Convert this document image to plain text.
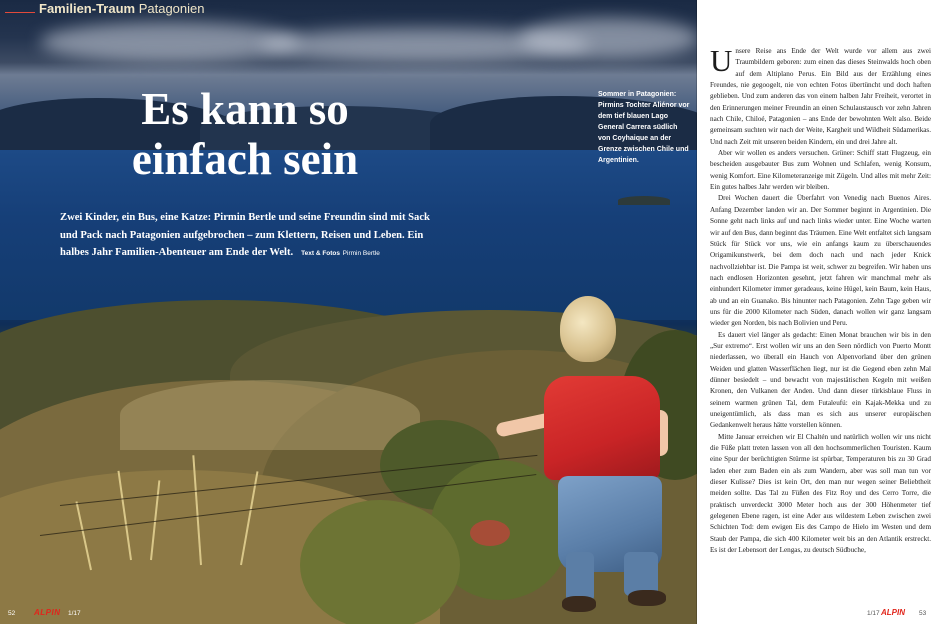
Familien-Traum Patagonien
Es kann so
einfach sein
Zwei Kinder, ein Bus, eine Katze: Pirmin Bertle und seine Freundin sind mit Sack und Pack nach Patagonien aufgebrochen – zum Klettern, Reisen und Leben. Ein halbes Jahr Familien-Abenteuer am Ende der Welt. Text & Fotos Pirmin Bertle
Sommer in Patagonien: Pirmins Tochter Aliénor vor dem tief blauen Lago General Carrera südlich von Coyhaique an der Grenze zwischen Chile und Argentinien.
52 ALPIN 1/17

Unsere Reise ans Ende der Welt wurde vor allem aus zwei Traumbildern geboren: zum einen das dieses Steinwalds hoch oben auf dem Altiplano Perus. Ein Bild aus der Erzählung eines Freundes, nie gegoogelt, nie von echten Fotos übertüncht und doch haften geblieben. Und zum anderen das von einem halben Jahr Freiheit, verortet in den Erinnerungen meiner Freundin an einen Schulaustausch vor zehn Jahren nach Chile, Chiloé, Patagonien – ans Ende der bewohnten Welt also. Beide gemeinsam suchten wir nach der Weite, Kargheit und Wildheit Südamerikas. Und nach Zeit mit unseren beiden Kindern, ein und drei Jahre alt.

Aber wir wollen es anders versuchen. Grüner: Schiff statt Flugzeug, ein bescheiden ausgebauter Bus zum Wohnen und Schlafen, wenig Konsum, wenig Komfort. Eine Kilometeranzeige mit Zügeln. Und alles mit mehr Zeit: Ein gutes halbes Jahr werden wir bleiben.

Drei Wochen dauert die Überfahrt von Venedig nach Buenos Aires. Anfang Dezember landen wir an. Der Sommer beginnt in Argentinien. Die Sonne geht nach links auf und nach links wieder unter. Eine Woche warten wir auf den Bus, dann beginnt das Träumen. Eine Welt entfaltet sich langsam Stück für Stück vor uns, wie ein anfangs kaum zu überschauendes Origamikunstwerk, bei dem doch nach und nach jeder Knick nachvollziehbar ist. Die Pampa ist weit, schwer zu begreifen. Wir haben uns nach endlosen Horizonten gesehnt, jetzt fahren wir manchmal mehr als einhundert Kilometer immer geradeaus, keine Hügel, kein Baum, kein Haus, ab und an ein Guanako. Bis hinunter nach Patagonien. Zehn Tage geben wir uns für die 2000 Kilometer nach Süden, danach wollen wir ganz langsam wieder gen Norden, bis nach Bolivien und Peru.

Es dauert viel länger als gedacht: Einen Monat brauchen wir bis in den „Sur extremo“. Erst wollen wir uns an den Seen nördlich von Puerto Montt niederlassen, wo überall ein Hauch von Alpenvorland über den grünen Weiden und glatten Wasserflächen liegt, nur ist die Gegend eben zehn Mal dünner besiedelt – und bewacht von majestätischen Kegeln mit weißen Kronen, den Vulkanen der Anden. Und dann dieser türkisblaue Fluss in seinem warmen grünen Tal, dem Futaleufú: ein Kajak-Mekka und zu uneigentümlich, als dass man es sich aus unserer europäischen Gedankenwelt heraus hätte vorstellen können.

Mitte Januar erreichen wir El Chaltén und natürlich wollen wir uns nicht die Füße platt treten lassen von all den hochsommerlichen Touristen. Kaum eine Spur der berüchtigten Stürme ist spürbar, Temperaturen bis zu 30 Grad laden eher zum Baden ein als zum Wandern, aber was soll man tun vor dieser Kulisse? Dies ist kein Ort, den man nur wegen seiner Beliebtheit meiden sollte. Das Tal zu Füßen des Fitz Roy und des Cerro Torre, die praktisch unverdeckt 3000 Meter hoch aus der 300 Höhenmeter tief gelegenen Ebene ragen, ist eine Ader aus wildestem Leben zwischen zwei Schichten Tod: dem ewigen Eis des Campo de Hielo im Westen und dem Staub der Pampa, die sich 400 Kilometer weit bis an den Atlantik erstreckt. Es ist der Lebensort der Lengas, zu deutsch Südbuche,

1/17 ALPIN 53
